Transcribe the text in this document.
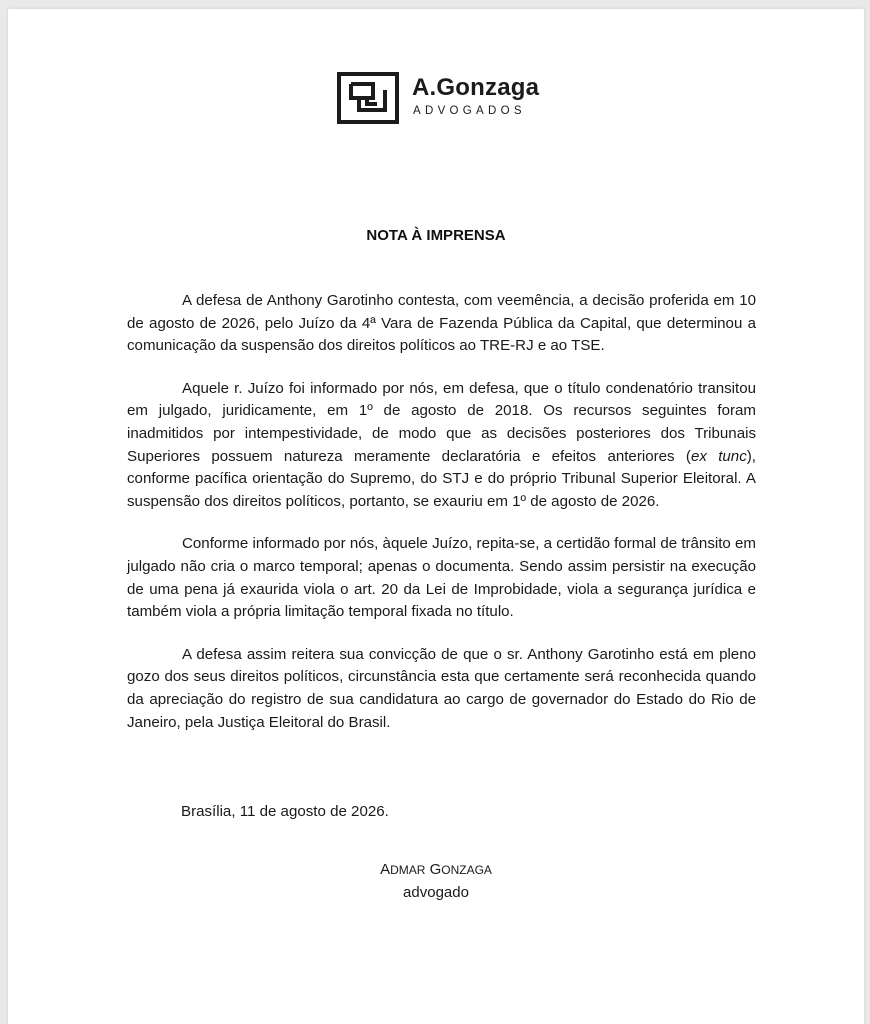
A.Gonzaga
ADVOGADOS
NOTA À IMPRENSA

A defesa de Anthony Garotinho contesta, com veemência, a decisão proferida em 10 de agosto de 2026, pelo Juízo da 4ª Vara de Fazenda Pública da Capital, que determinou a comunicação da suspensão dos direitos políticos ao TRE-RJ e ao TSE.

Aquele r. Juízo foi informado por nós, em defesa, que o título condenatório transitou em julgado, juridicamente, em 1º de agosto de 2018. Os recursos seguintes foram inadmitidos por intempestividade, de modo que as decisões posteriores dos Tribunais Superiores possuem natureza meramente declaratória e efeitos anteriores (ex tunc), conforme pacífica orientação do Supremo, do STJ e do próprio Tribunal Superior Eleitoral. A suspensão dos direitos políticos, portanto, se exauriu em 1º de agosto de 2026.

Conforme informado por nós, àquele Juízo, repita-se, a certidão formal de trânsito em julgado não cria o marco temporal; apenas o documenta. Sendo assim persistir na execução de uma pena já exaurida viola o art. 20 da Lei de Improbidade, viola a segurança jurídica e também viola a própria limitação temporal fixada no título.

A defesa assim reitera sua convicção de que o sr. Anthony Garotinho está em pleno gozo dos seus direitos políticos, circunstância esta que certamente será reconhecida quando da apreciação do registro de sua candidatura ao cargo de governador do Estado do Rio de Janeiro, pela Justiça Eleitoral do Brasil.

Brasília, 11 de agosto de 2026.
ADMAR GONZAGA
advogado
